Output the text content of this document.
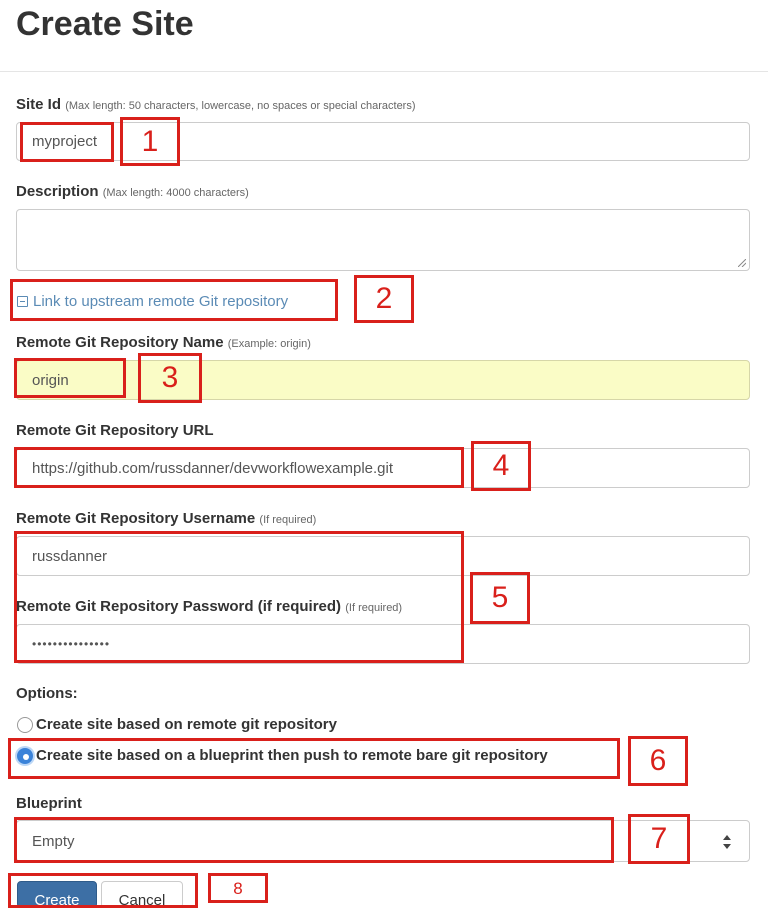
Create Site
Site Id (Max length: 50 characters, lowercase, no spaces or special characters)
myproject	1
Description (Max length: 4000 characters)
Link to upstream remote Git repository	2
Remote Git Repository Name (Example: origin)
origin	3
Remote Git Repository URL
https://github.com/russdanner/devworkflowexample.git	4
Remote Git Repository Username (If required)
russdanner
Remote Git Repository Password (if required) (If required)
•••••••••••••••
5
Options:
Create site based on remote git repository
Create site based on a blueprint then push to remote bare git repository	6
Blueprint
Empty	7
Create	Cancel
8
